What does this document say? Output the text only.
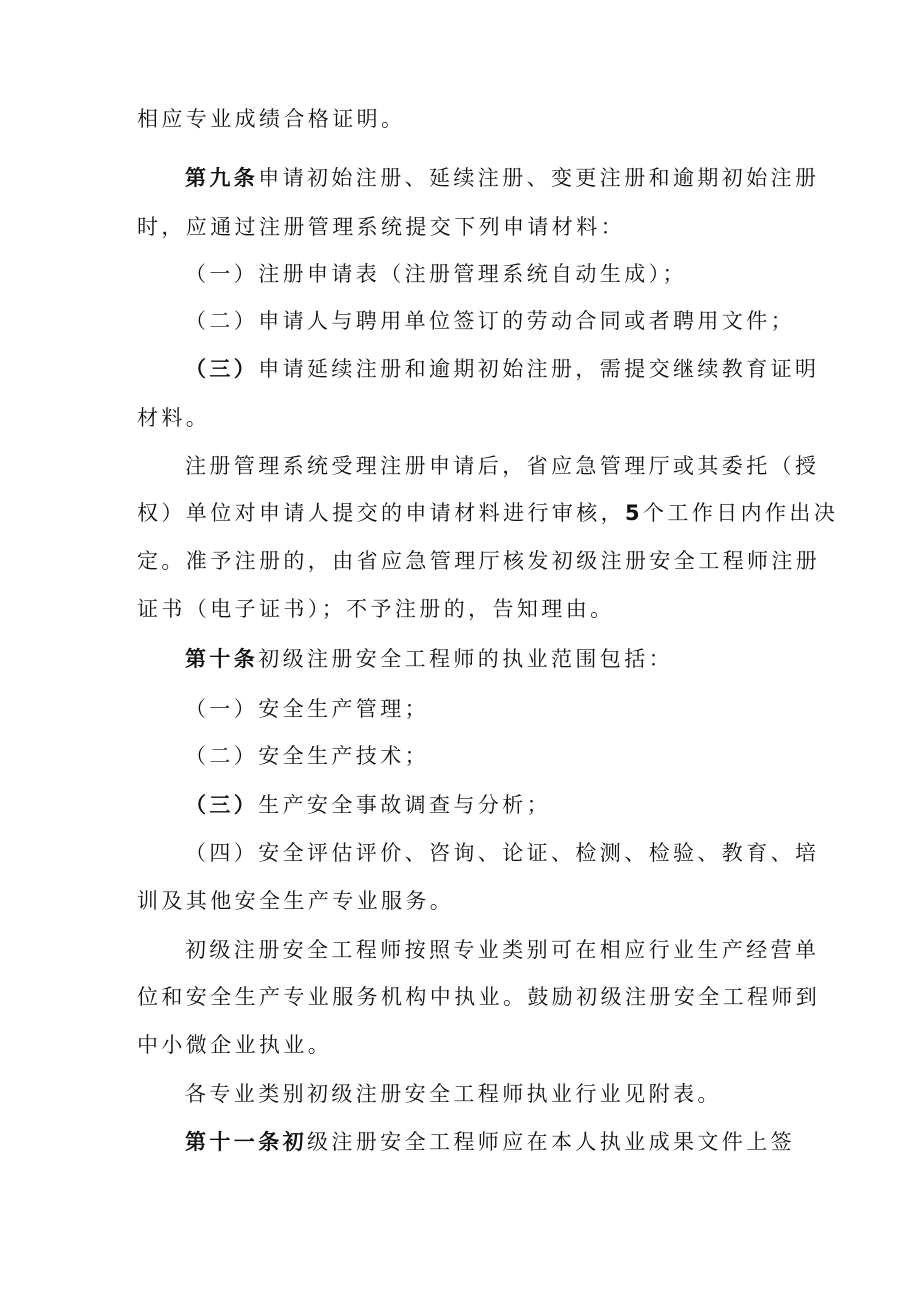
相应专业成绩合格证明。
第九条申请初始注册、延续注册、变更注册和逾期初始注册
时，应通过注册管理系统提交下列申请材料：
（一）注册申请表（注册管理系统自动生成）；
（二）申请人与聘用单位签订的劳动合同或者聘用文件；
（三）申请延续注册和逾期初始注册，需提交继续教育证明
材料。
注册管理系统受理注册申请后，省应急管理厅或其委托（授
权）单位对申请人提交的申请材料进行审核，5个工作日内作出决
定。准予注册的，由省应急管理厅核发初级注册安全工程师注册
证书（电子证书）；不予注册的，告知理由。
第十条初级注册安全工程师的执业范围包括：
（一）安全生产管理；
（二）安全生产技术；
（三）生产安全事故调查与分析；
（四）安全评估评价、咨询、论证、检测、检验、教育、培
训及其他安全生产专业服务。
初级注册安全工程师按照专业类别可在相应行业生产经营单
位和安全生产专业服务机构中执业。鼓励初级注册安全工程师到
中小微企业执业。
各专业类别初级注册安全工程师执业行业见附表。
第十一条初级注册安全工程师应在本人执业成果文件上签
